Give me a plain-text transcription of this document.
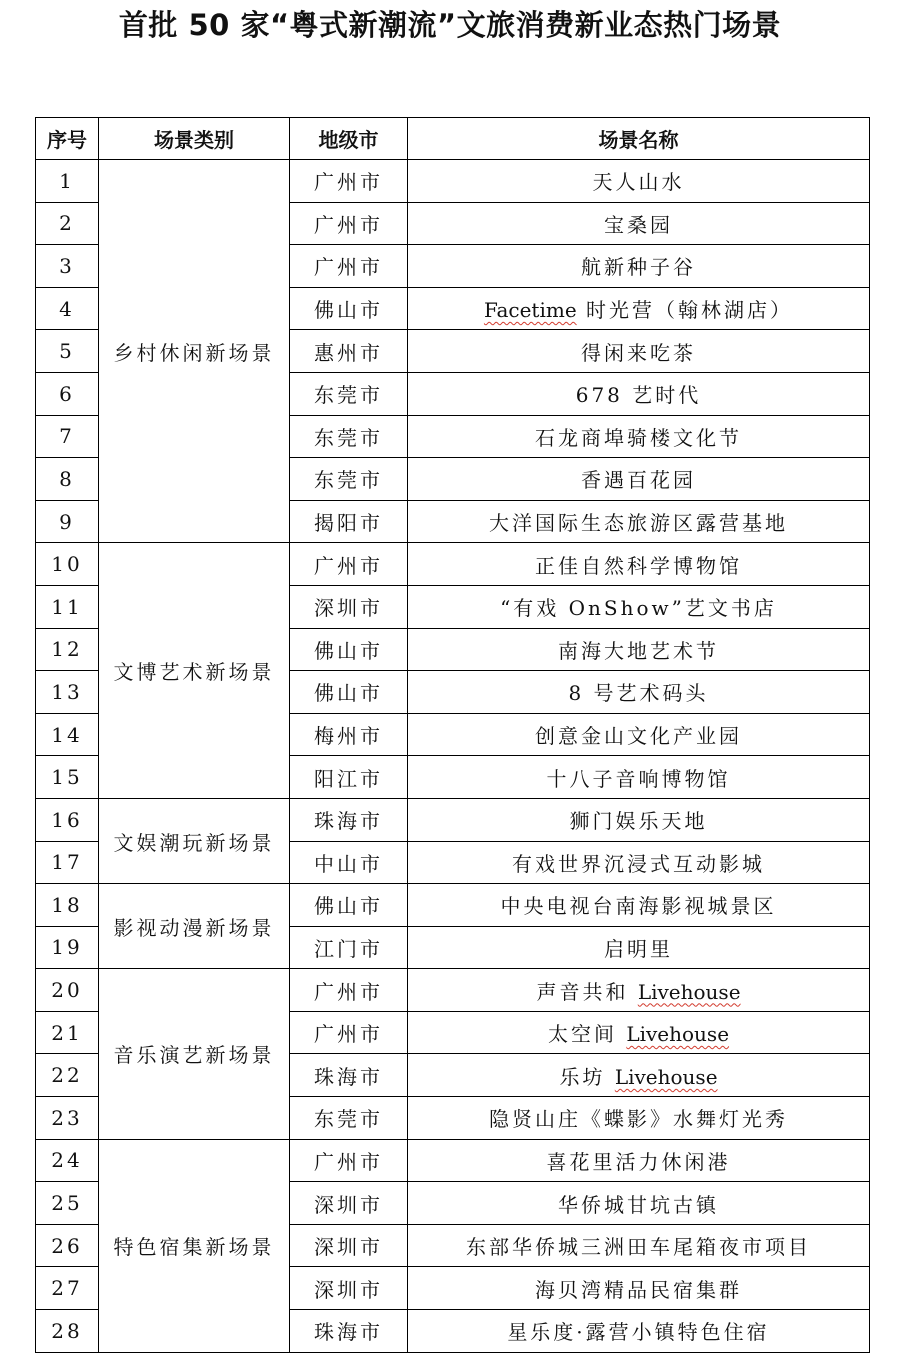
首批 50 家“粤式新潮流”文旅消费新业态热门场景
序号	场景类别	地级市	场景名称
1	乡村休闲新场景	广州市	天人山水
2		广州市	宝桑园
3		广州市	航新种子谷
4		佛山市	Facetime 时光营（翰林湖店）
5		惠州市	得闲来吃茶
6		东莞市	678 艺时代
7		东莞市	石龙商埠骑楼文化节
8		东莞市	香遇百花园
9		揭阳市	大洋国际生态旅游区露营基地
10	文博艺术新场景	广州市	正佳自然科学博物馆
11		深圳市	“有戏 OnShow”艺文书店
12		佛山市	南海大地艺术节
13		佛山市	8 号艺术码头
14		梅州市	创意金山文化产业园
15		阳江市	十八子音响博物馆
16	文娱潮玩新场景	珠海市	狮门娱乐天地
17		中山市	有戏世界沉浸式互动影城
18	影视动漫新场景	佛山市	中央电视台南海影视城景区
19		江门市	启明里
20	音乐演艺新场景	广州市	声音共和 Livehouse
21		广州市	太空间 Livehouse
22		珠海市	乐坊 Livehouse
23		东莞市	隐贤山庄《蝶影》水舞灯光秀
24	特色宿集新场景	广州市	喜花里活力休闲港
25		深圳市	华侨城甘坑古镇
26		深圳市	东部华侨城三洲田车尾箱夜市项目
27		深圳市	海贝湾精品民宿集群
28		珠海市	星乐度·露营小镇特色住宿
